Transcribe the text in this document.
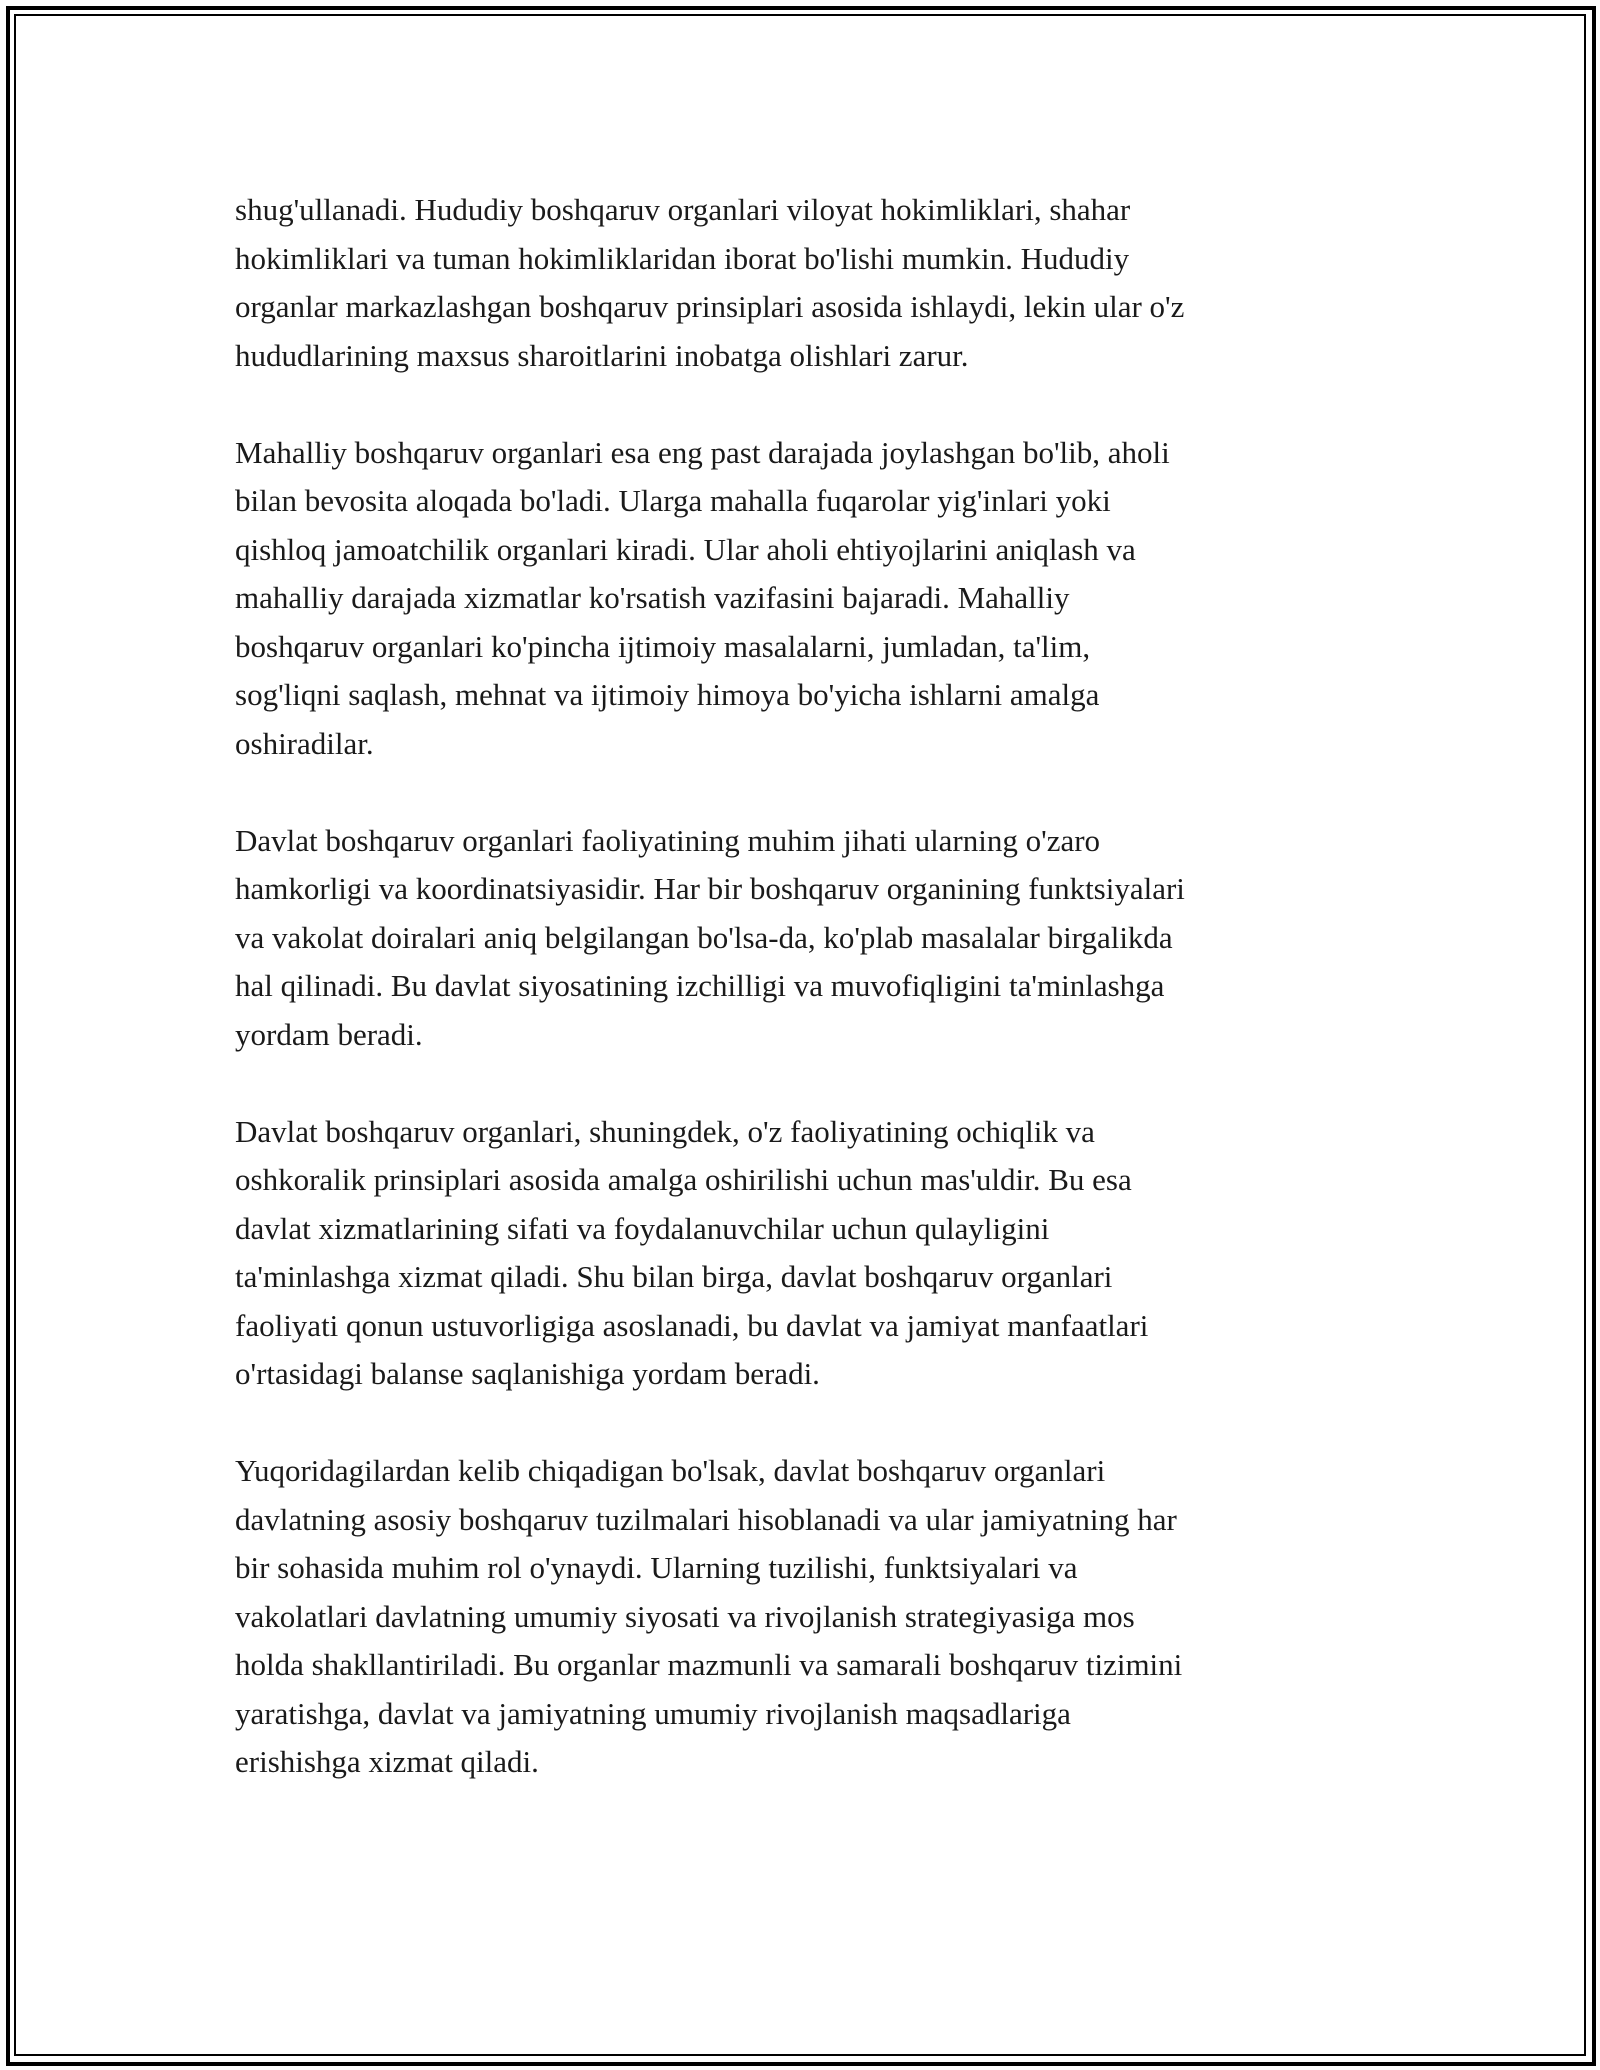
shug'ullanadi. Hududiy boshqaruv organlari viloyat hokimliklari, shahar
hokimliklari va tuman hokimliklaridan iborat bo'lishi mumkin. Hududiy
organlar markazlashgan boshqaruv prinsiplari asosida ishlaydi, lekin ular o'z
hududlarining maxsus sharoitlarini inobatga olishlari zarur.

Mahalliy boshqaruv organlari esa eng past darajada joylashgan bo'lib, aholi
bilan bevosita aloqada bo'ladi. Ularga mahalla fuqarolar yig'inlari yoki
qishloq jamoatchilik organlari kiradi. Ular aholi ehtiyojlarini aniqlash va
mahalliy darajada xizmatlar ko'rsatish vazifasini bajaradi. Mahalliy
boshqaruv organlari ko'pincha ijtimoiy masalalarni, jumladan, ta'lim,
sog'liqni saqlash, mehnat va ijtimoiy himoya bo'yicha ishlarni amalga
oshiradilar.

Davlat boshqaruv organlari faoliyatining muhim jihati ularning o'zaro
hamkorligi va koordinatsiyasidir. Har bir boshqaruv organining funktsiyalari
va vakolat doiralari aniq belgilangan bo'lsa-da, ko'plab masalalar birgalikda
hal qilinadi. Bu davlat siyosatining izchilligi va muvofiqligini ta'minlashga
yordam beradi.

Davlat boshqaruv organlari, shuningdek, o'z faoliyatining ochiqlik va
oshkoralik prinsiplari asosida amalga oshirilishi uchun mas'uldir. Bu esa
davlat xizmatlarining sifati va foydalanuvchilar uchun qulayligini
ta'minlashga xizmat qiladi. Shu bilan birga, davlat boshqaruv organlari
faoliyati qonun ustuvorligiga asoslanadi, bu davlat va jamiyat manfaatlari
o'rtasidagi balanse saqlanishiga yordam beradi.

Yuqoridagilardan kelib chiqadigan bo'lsak, davlat boshqaruv organlari
davlatning asosiy boshqaruv tuzilmalari hisoblanadi va ular jamiyatning har
bir sohasida muhim rol o'ynaydi. Ularning tuzilishi, funktsiyalari va
vakolatlari davlatning umumiy siyosati va rivojlanish strategiyasiga mos
holda shakllantiriladi. Bu organlar mazmunli va samarali boshqaruv tizimini
yaratishga, davlat va jamiyatning umumiy rivojlanish maqsadlariga
erishishga xizmat qiladi.
